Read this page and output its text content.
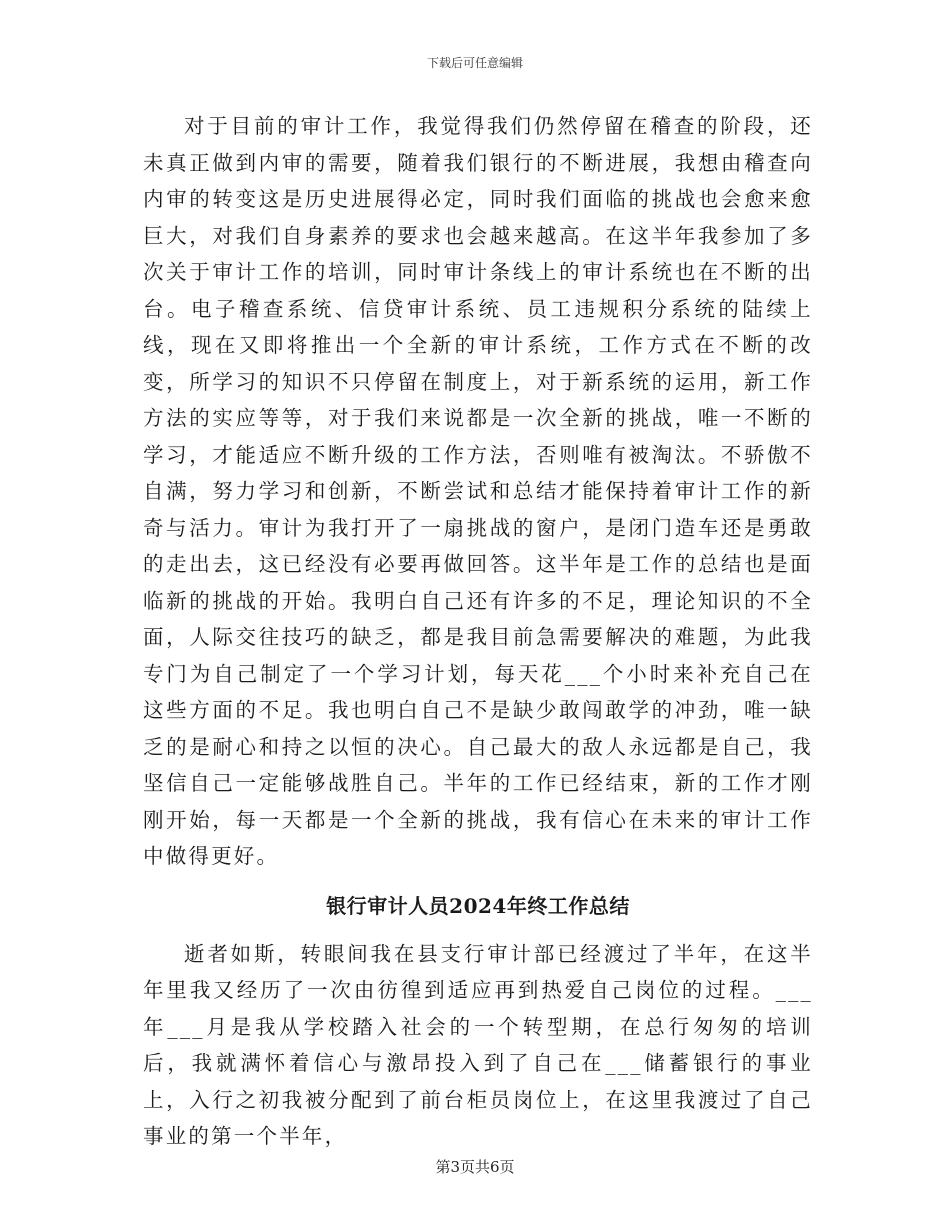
下载后可任意编辑

对于目前的审计工作，我觉得我们仍然停留在稽查的阶段，还未真正做到内审的需要，随着我们银行的不断进展，我想由稽查向内审的转变这是历史进展得必定，同时我们面临的挑战也会愈来愈巨大，对我们自身素养的要求也会越来越高。在这半年我参加了多次关于审计工作的培训，同时审计条线上的审计系统也在不断的出台。电子稽查系统、信贷审计系统、员工违规积分系统的陆续上线，现在又即将推出一个全新的审计系统，工作方式在不断的改变，所学习的知识不只停留在制度上，对于新系统的运用，新工作方法的实应等等，对于我们来说都是一次全新的挑战，唯一不断的学习，才能适应不断升级的工作方法，否则唯有被淘汰。不骄傲不自满，努力学习和创新，不断尝试和总结才能保持着审计工作的新奇与活力。审计为我打开了一扇挑战的窗户，是闭门造车还是勇敢的走出去，这已经没有必要再做回答。这半年是工作的总结也是面临新的挑战的开始。我明白自己还有许多的不足，理论知识的不全面，人际交往技巧的缺乏，都是我目前急需要解决的难题，为此我专门为自己制定了一个学习计划，每天花___个小时来补充自己在这些方面的不足。我也明白自己不是缺少敢闯敢学的冲劲，唯一缺乏的是耐心和持之以恒的决心。自己最大的敌人永远都是自己，我坚信自己一定能够战胜自己。半年的工作已经结束，新的工作才刚刚开始，每一天都是一个全新的挑战，我有信心在未来的审计工作中做得更好。

银行审计人员2024年终工作总结

逝者如斯，转眼间我在县支行审计部已经渡过了半年，在这半年里我又经历了一次由彷徨到适应再到热爱自己岗位的过程。___年___月是我从学校踏入社会的一个转型期，在总行匆匆的培训后，我就满怀着信心与激昂投入到了自己在___储蓄银行的事业上，入行之初我被分配到了前台柜员岗位上，在这里我渡过了自己事业的第一个半年，

第3页共6页
